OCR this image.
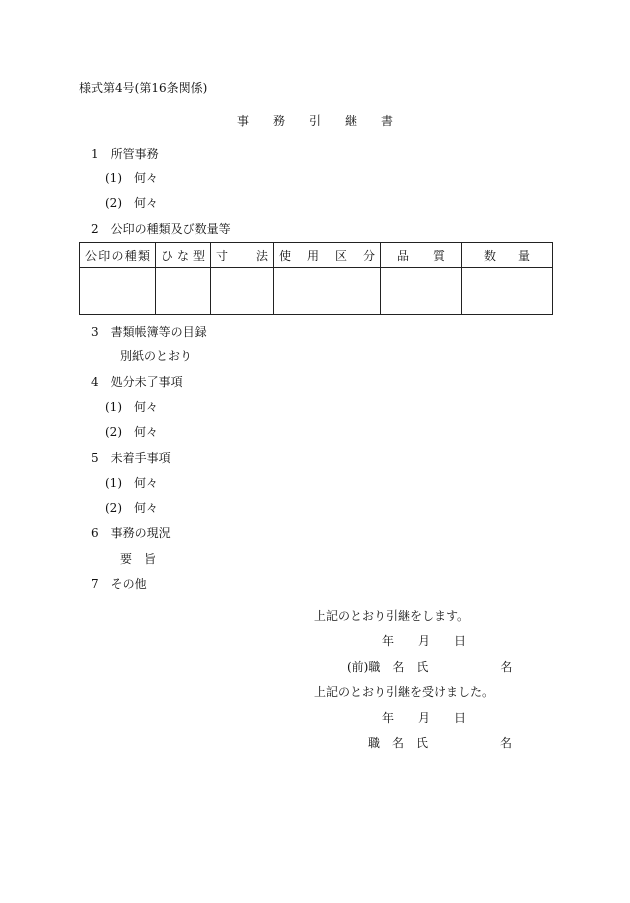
様式第4号(第16条関係)
事　　務　　引　　継　　書
1　所管事務
(1)　何々
(2)　何々
2　公印の種類及び数量等
公印の種類	ひな型	寸法	使用区分	品質	数量

3　書類帳簿等の目録
別紙のとおり
4　処分未了事項
(1)　何々
(2)　何々
5　未着手事項
(1)　何々
(2)　何々
6　事務の現況
要　旨
7　その他
上記のとおり引継をします。
年　　月　　日
(前)職　名　氏　　　　　　名
上記のとおり引継を受けました。
年　　月　　日
職　名　氏　　　　　　名
